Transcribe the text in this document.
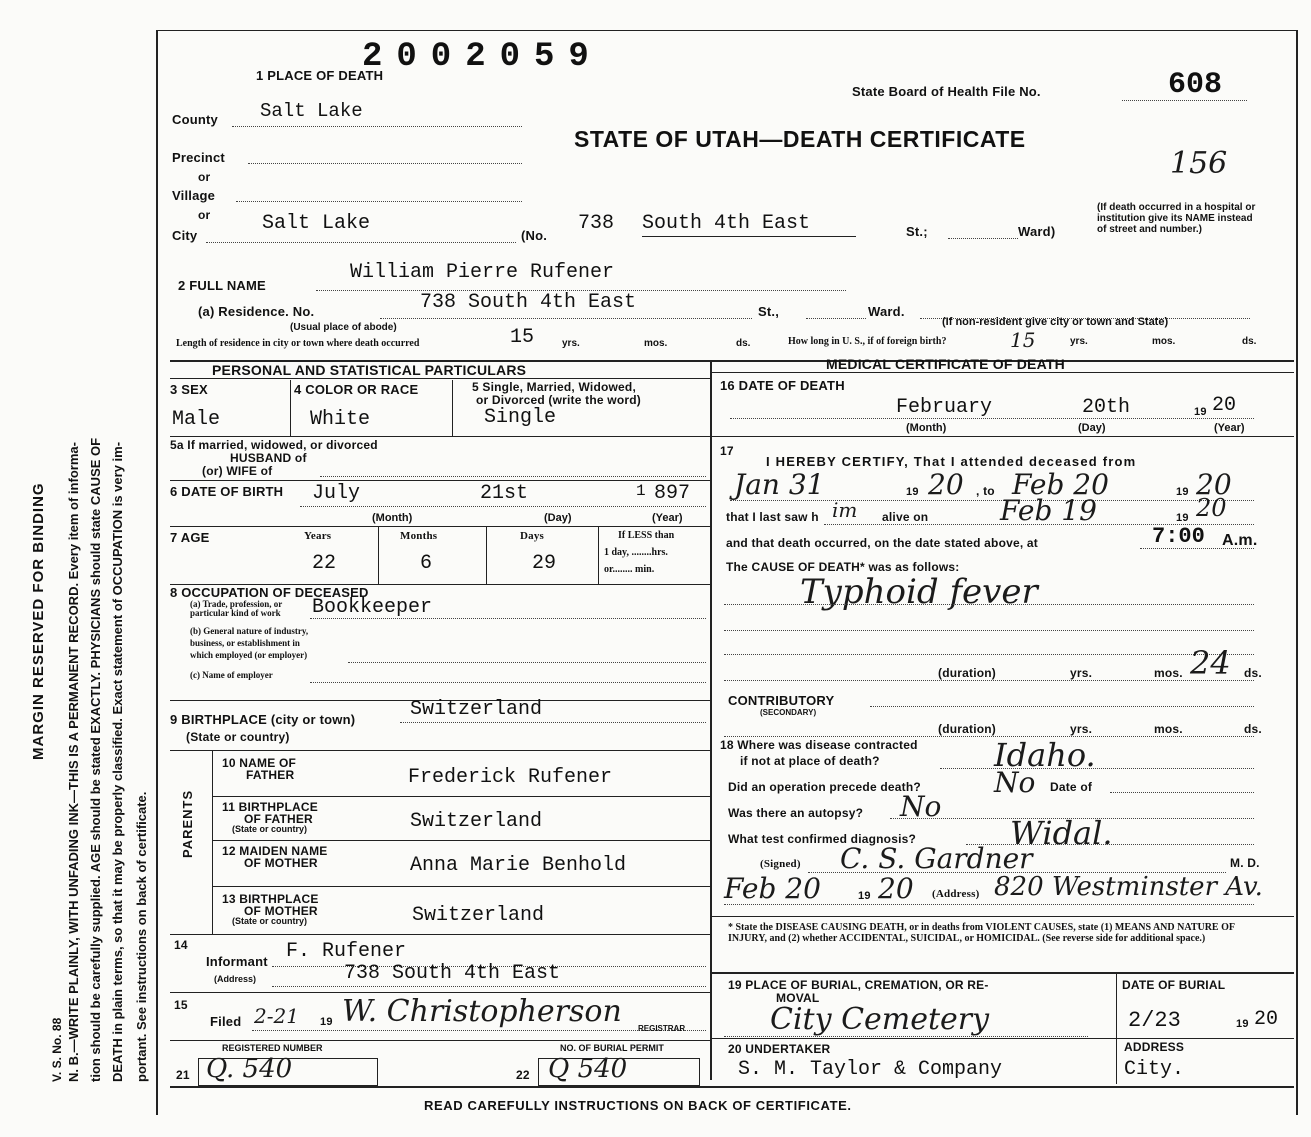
MARGIN RESERVED FOR BINDING N. B.—WRITE PLAINLY, WITH UNFADING INK—THIS IS A PERMANENT RECORD. Every item of informa- tion should be carefully supplied. AGE should be stated EXACTLY. PHYSICIANS should state CAUSE OF DEATH in plain terms, so that it may be properly classified. Exact statement of OCCUPATION is very im- portant. See instructions on back of certificate.
V. S. No. 88
2002059
1 PLACE OF DEATH
State Board of Health File No.	608
STATE OF UTAH—DEATH CERTIFICATE
156
County Salt Lake
Precinct
or
Village
or
City
Salt Lake
(No.
738 South 4th East	St.;	Ward)
(If death occurred in a hospital or institution give its NAME instead of street and number.)
2 FULL NAME
William Pierre Rufener
(a) Residence. No.	738 South 4th East	St.,	Ward.
(Usual place of abode)	(If non-resident give city or town and State)
Length of residence in city or town where death occurred	15	yrs.	mos.	ds.	How long in U. S., if of foreign birth?	15	yrs.	mos.	ds.
PERSONAL AND STATISTICAL PARTICULARS	MEDICAL CERTIFICATE OF DEATH
3 SEX
Male
4 COLOR OR RACE
White
5 Single, Married, Widowed,
or Divorced (write the word)
Single
5a If married, widowed, or divorced
HUSBAND of
(or) WIFE of
6 DATE OF BIRTH July	21st	1 897
(Month)	(Day)	(Year)
7 AGE	Years
22
Months
6
Days
29
If LESS than
1 day, ........hrs.
or........ min.
8 OCCUPATION OF DECEASED
(a) Trade, profession, or particular kind of work	Bookkeeper
(b) General nature of industry,
business, or establishment in
which employed (or employer)
(c) Name of employer
9 BIRTHPLACE (city or town)	Switzerland
(State or country)
PARENTS
10 NAME OF
FATHER	Frederick Rufener
11 BIRTHPLACE
OF FATHER
(State or country)	Switzerland
12 MAIDEN NAME
OF MOTHER	Anna Marie Benhold
13 BIRTHPLACE
OF MOTHER
(State or country)	Switzerland
14
Informant F. Rufener
(Address)	738 South 4th East
15
Filed 2-21 19 W. Christopherson REGISTRAR
REGISTERED NUMBER
21 Q. 540
NO. OF BURIAL PERMIT
22 Q 540
16 DATE OF DEATH
February	20th	19 20
(Month)	(Day)	(Year)
17
I HEREBY CERTIFY, That I attended deceased from
Jan 31	19 20 , to Feb 20	19 20
that I last saw h im alive on	Feb 19	19 20
and that death occurred, on the date stated above, at	7:00 A.m.
The CAUSE OF DEATH* was as follows:
Typhoid fever
(duration)	yrs.	mos. 24 ds.
CONTRIBUTORY
(SECONDARY)
(duration)	yrs.	mos.	ds.
18 Where was disease contracted
if not at place of death?	Idaho.
Did an operation precede death?	No Date of
Was there an autopsy? No
What test confirmed diagnosis?	Widal.
(Signed) C. S. Gardner	M. D.
Feb 20	19 20 (Address) 820 Westminster Av.
* State the DISEASE CAUSING DEATH, or in deaths from VIOLENT CAUSES, state (1) MEANS AND NATURE OF INJURY, and (2) whether ACCIDENTAL, SUICIDAL, or HOMICIDAL. (See reverse side for additional space.)
19 PLACE OF BURIAL, CREMATION, OR RE-
MOVAL
City Cemetery
DATE OF BURIAL
2/23	19 20
20 UNDERTAKER
S. M. Taylor & Company
ADDRESS
City.
READ CAREFULLY INSTRUCTIONS ON BACK OF CERTIFICATE.
